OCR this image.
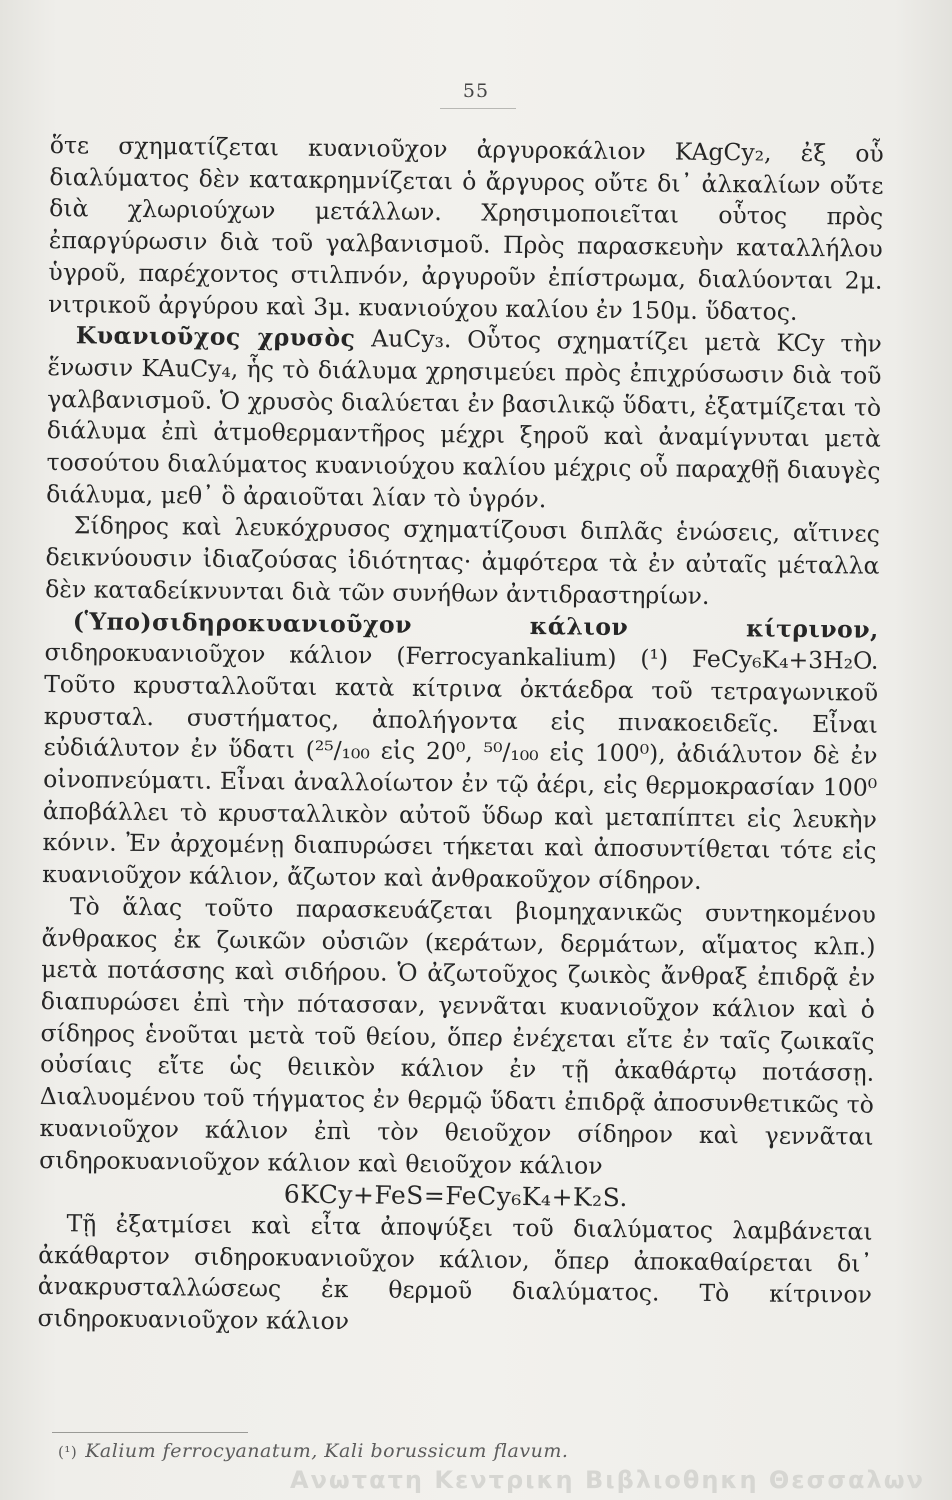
55

ὅτε σχηματίζεται κυανιοῦχον ἀργυροκάλιον KAgCy₂, ἐξ οὗ διαλύματος δὲν κατακρημνίζεται ὁ ἄργυρος οὔτε δι᾽ ἀλκαλίων οὔτε διὰ χλωριούχων μετάλλων. Χρησιμοποιεῖται οὗτος πρὸς ἐπαργύρωσιν διὰ τοῦ γαλβανισμοῦ. Πρὸς παρασκευὴν καταλλήλου ὑγροῦ, παρέχοντος στιλπνόν, ἀργυροῦν ἐπίστρωμα, διαλύονται 2μ. νιτρικοῦ ἀργύρου καὶ 3μ. κυανιούχου καλίου ἐν 150μ. ὕδατος.

Κυανιοῦχος χρυσὸς AuCy₃. Οὗτος σχηματίζει μετὰ KCy τὴν ἕνωσιν KAuCy₄, ἧς τὸ διάλυμα χρησιμεύει πρὸς ἐπιχρύσωσιν διὰ τοῦ γαλβανισμοῦ. Ὁ χρυσὸς διαλύεται ἐν βασιλικῷ ὕδατι, ἐξατμίζεται τὸ διάλυμα ἐπὶ ἀτμοθερμαντῆρος μέχρι ξηροῦ καὶ ἀναμίγνυται μετὰ τοσούτου διαλύματος κυανιούχου καλίου μέχρις οὗ παραχθῇ διαυγὲς διάλυμα, μεθ᾽ ὃ ἀραιοῦται λίαν τὸ ὑγρόν.

Σίδηρος καὶ λευκόχρυσος σχηματίζουσι διπλᾶς ἑνώσεις, αἵτινες δεικνύουσιν ἰδιαζούσας ἰδιότητας· ἀμφότερα τὰ ἐν αὐταῖς μέταλλα δὲν καταδείκνυνται διὰ τῶν συνήθων ἀντιδραστηρίων.

(Ὑπο)σιδηροκυανιοῦχον κάλιον κίτρινον, σιδηροκυανιοῦχον κάλιον (Ferrocyankalium) (¹) FeCy₆K₄+3H₂O. Τοῦτο κρυσταλλοῦται κατὰ κίτρινα ὀκτάεδρα τοῦ τετραγωνικοῦ κρυσταλ. συστήματος, ἀπολήγοντα εἰς πινακοειδεῖς. Εἶναι εὐδιάλυτον ἐν ὕδατι (²⁵/₁₀₀ εἰς 20⁰, ⁵⁰/₁₀₀ εἰς 100⁰), ἀδιάλυτον δὲ ἐν οἰνοπνεύματι. Εἶναι ἀναλλοίωτον ἐν τῷ ἀέρι, εἰς θερμοκρασίαν 100⁰ ἀποβάλλει τὸ κρυσταλλικὸν αὐτοῦ ὕδωρ καὶ μεταπίπτει εἰς λευκὴν κόνιν. Ἐν ἀρχομένῃ διαπυρώσει τήκεται καὶ ἀποσυντίθεται τότε εἰς κυανιοῦχον κάλιον, ἄζωτον καὶ ἀνθρακοῦχον σίδηρον.

Τὸ ἅλας τοῦτο παρασκευάζεται βιομηχανικῶς συντηκομένου ἄνθρακος ἐκ ζωικῶν οὐσιῶν (κεράτων, δερμάτων, αἵματος κλπ.) μετὰ ποτάσσης καὶ σιδήρου. Ὁ ἀζωτοῦχος ζωικὸς ἄνθραξ ἐπιδρᾷ ἐν διαπυρώσει ἐπὶ τὴν πότασσαν, γεννᾶται κυανιοῦχον κάλιον καὶ ὁ σίδηρος ἑνοῦται μετὰ τοῦ θείου, ὅπερ ἐνέχεται εἴτε ἐν ταῖς ζωικαῖς οὐσίαις εἴτε ὡς θειικὸν κάλιον ἐν τῇ ἀκαθάρτῳ ποτάσσῃ. Διαλυομένου τοῦ τήγματος ἐν θερμῷ ὕδατι ἐπιδρᾷ ἀποσυνθετικῶς τὸ κυανιοῦχον κάλιον ἐπὶ τὸν θειοῦχον σίδηρον καὶ γεννᾶται σιδηροκυανιοῦχον κάλιον καὶ θειοῦχον κάλιον

6KCy+FeS=FeCy₆K₄+K₂S.

Τῇ ἐξατμίσει καὶ εἶτα ἀποψύξει τοῦ διαλύματος λαμβάνεται ἀκάθαρτον σιδηροκυανιοῦχον κάλιον, ὅπερ ἀποκαθαίρεται δι᾽ ἀνακρυσταλλώσεως ἐκ θερμοῦ διαλύματος. Τὸ κίτρινον σιδηροκυανιοῦχον κάλιον

(¹) Kalium ferrocyanatum, Kali borussicum flavum.
Ανωτατη Κεντρικη Βιβλιοθηκη Θεσσαλων
